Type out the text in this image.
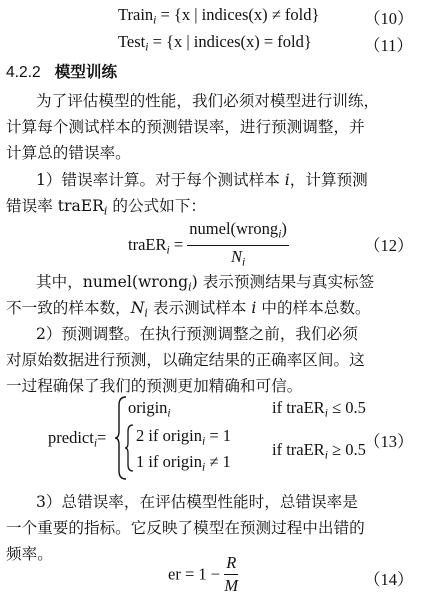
Train$_i$ = {x | indices(x) ≠ fold}	（10）
Test$_i$ = {x | indices(x) = fold}	（11）
4.2.2 模型训练
为了评估模型的性能，我们必须对模型进行训练，
计算每个测试样本的预测错误率，进行预测调整，并
计算总的错误率。
1）错误率计算。对于每个测试样本 i，计算预测
错误率 traER$_i$ 的公式如下：
traER$_i$ = $\frac{numel(wrong_i)}{N_i}$	（12）
其中，numel(wrong$_i$) 表示预测结果与真实标签
不一致的样本数，$N_i$ 表示测试样本 i 中的样本总数。
2）预测调整。在执行预测调整之前，我们必须
对原始数据进行预测，以确定结果的正确率区间。这
一过程确保了我们的预测更加精确和可信。
predict$_i$=
origin$_i$	if traER$_i$ ≤ 0.5
2 if origin$_i$ = 1
1 if origin$_i$ ≠ 1
if traER$_i$ ≥ 0.5
（13）
3）总错误率，在评估模型性能时，总错误率是
一个重要的指标。它反映了模型在预测过程中出错的
频率。
er = $1 - \frac{R}{M}$	（14）
